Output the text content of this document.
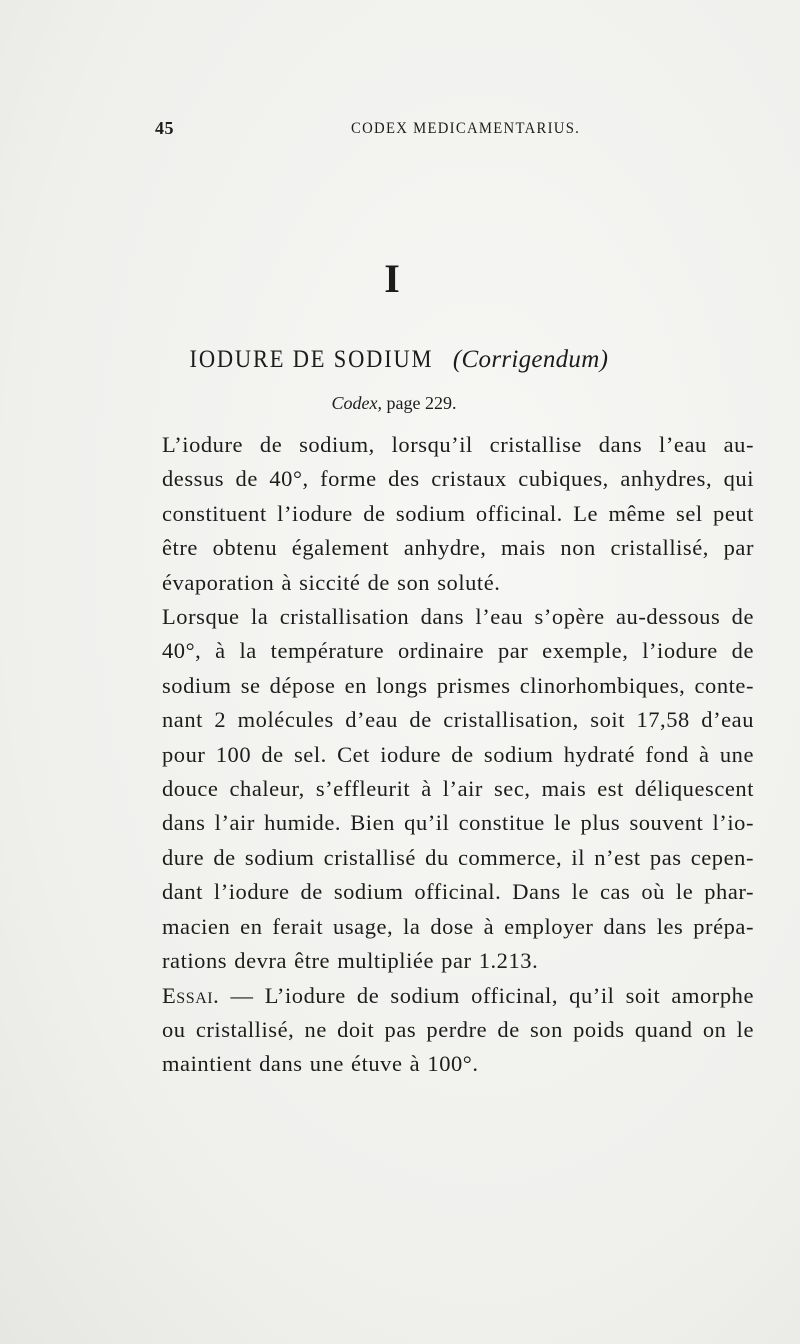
45	CODEX MEDICAMENTARIUS.
I
IODURE DE SODIUM (Corrigendum)
Codex, page 229.
L’iodure de sodium, lorsqu’il cristallise dans l’eau au-
dessus de 40°, forme des cristaux cubiques, anhydres, qui
constituent l’iodure de sodium officinal. Le même sel peut
être obtenu également anhydre, mais non cristallisé, par
évaporation à siccité de son soluté.
Lorsque la cristallisation dans l’eau s’opère au-dessous de
40°, à la température ordinaire par exemple, l’iodure de
sodium se dépose en longs prismes clinorhombiques, conte-
nant 2 molécules d’eau de cristallisation, soit 17,58 d’eau
pour 100 de sel. Cet iodure de sodium hydraté fond à une
douce chaleur, s’effleurit à l’air sec, mais est déliquescent
dans l’air humide. Bien qu’il constitue le plus souvent l’io-
dure de sodium cristallisé du commerce, il n’est pas cepen-
dant l’iodure de sodium officinal. Dans le cas où le phar-
macien en ferait usage, la dose à employer dans les prépa-
rations devra être multipliée par 1.213.
Essai. — L’iodure de sodium officinal, qu’il soit amorphe
ou cristallisé, ne doit pas perdre de son poids quand on le
maintient dans une étuve à 100°.
